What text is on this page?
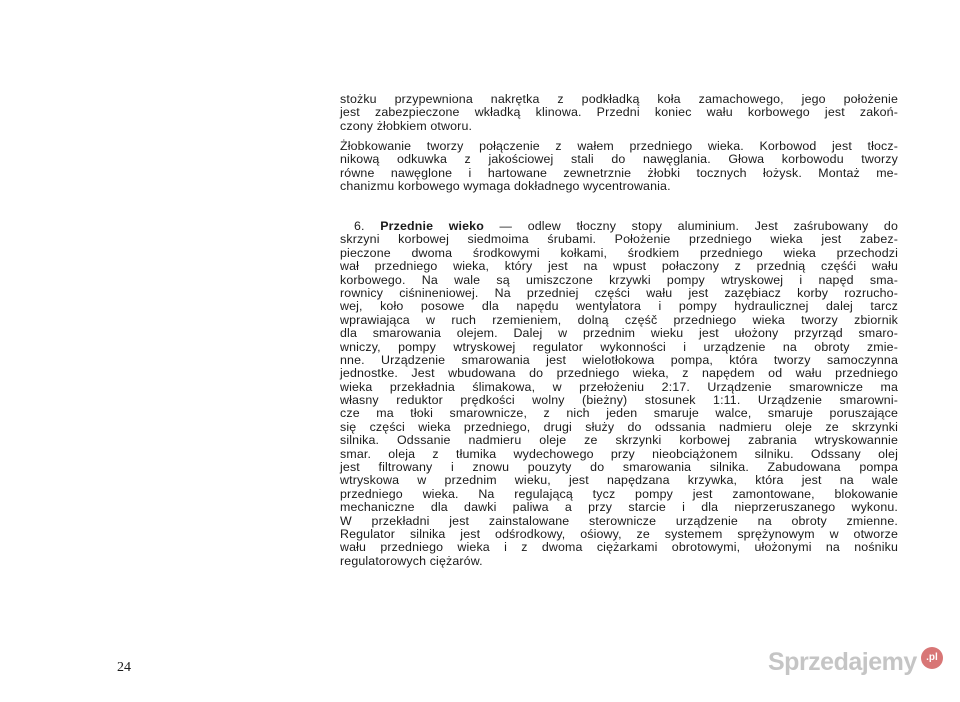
stożku przypewniona nakrętka z podkładką koła zamachowego, jego położenie
jest zabezpieczone wkładką klinowa. Przedni koniec wału korbowego jest zakoń-
czony żłobkiem otworu.
Żłobkowanie tworzy połączenie z wałem przedniego wieka. Korbowod jest tłocz-
nikową odkuwka z jakościowej stali do nawęglania. Głowa korbowodu tworzy
równe nawęglone i hartowane zewnetrznie żłobki tocznych łożysk. Montaż me-
chanizmu korbowego wymaga dokładnego wycentrowania.
6. Przednie wieko — odlew tłoczny stopy aluminium. Jest zaśrubowany do
skrzyni korbowej siedmoima śrubami. Położenie przedniego wieka jest zabez-
pieczone dwoma środkowymi kołkami, środkiem przedniego wieka przechodzi
wał przedniego wieka, który jest na wpust połaczony z przednią częśći wału
korbowego. Na wale są umiszczone krzywki pompy wtryskowej i napęd sma-
rownicy ciśnineniowej. Na przedniej części wału jest zazębiacz korby rozrucho-
wej, koło posowe dla napędu wentylatora i pompy hydraulicznej dalej tarcz
wprawiająca w ruch rzemieniem, dolną częśč przedniego wieka tworzy zbiornik
dla smarowania olejem. Dalej w przednim wieku jest ułożony przyrząd smaro-
wniczy, pompy wtryskowej regulator wykonności i urządzenie na obroty zmie-
nne. Urządzenie smarowania jest wielotłokowa pompa, która tworzy samoczynna
jednostke. Jest wbudowana do przedniego wieka, z napędem od wału przedniego
wieka przekładnia ślimakowa, w przełożeniu 2:17. Urządzenie smarownicze ma
własny reduktor prędkości wolny (bieżny) stosunek 1:11. Urządzenie smarowni-
cze ma tłoki smarownicze, z nich jeden smaruje walce, smaruje poruszające
się części wieka przedniego, drugi służy do odssania nadmieru oleje ze skrzynki
silnika. Odssanie nadmieru oleje ze skrzynki korbowej zabrania wtryskowannie
smar. oleja z tłumika wydechowego przy nieobciążonem silniku. Odssany olej
jest filtrowany i znowu pouzyty do smarowania silnika. Zabudowana pompa
wtryskowa w przednim wieku, jest napędzana krzywka, która jest na wale
przedniego wieka. Na regulającą tycz pompy jest zamontowane, blokowanie
mechaniczne dla dawki paliwa a przy starcie i dla nieprzeruszanego wykonu.
W przekładni jest zainstalowane sterownicze urządzenie na obroty zmienne.
Regulator silnika jest odśrodkowy, ośiowy, ze systemem sprężynowym w otworze
wału przedniego wieka i z dwoma ciężarkami obrotowymi, ułożonymi na nośniku
regulatorowych ciężarów.
24	Sprzedajemy .pl
